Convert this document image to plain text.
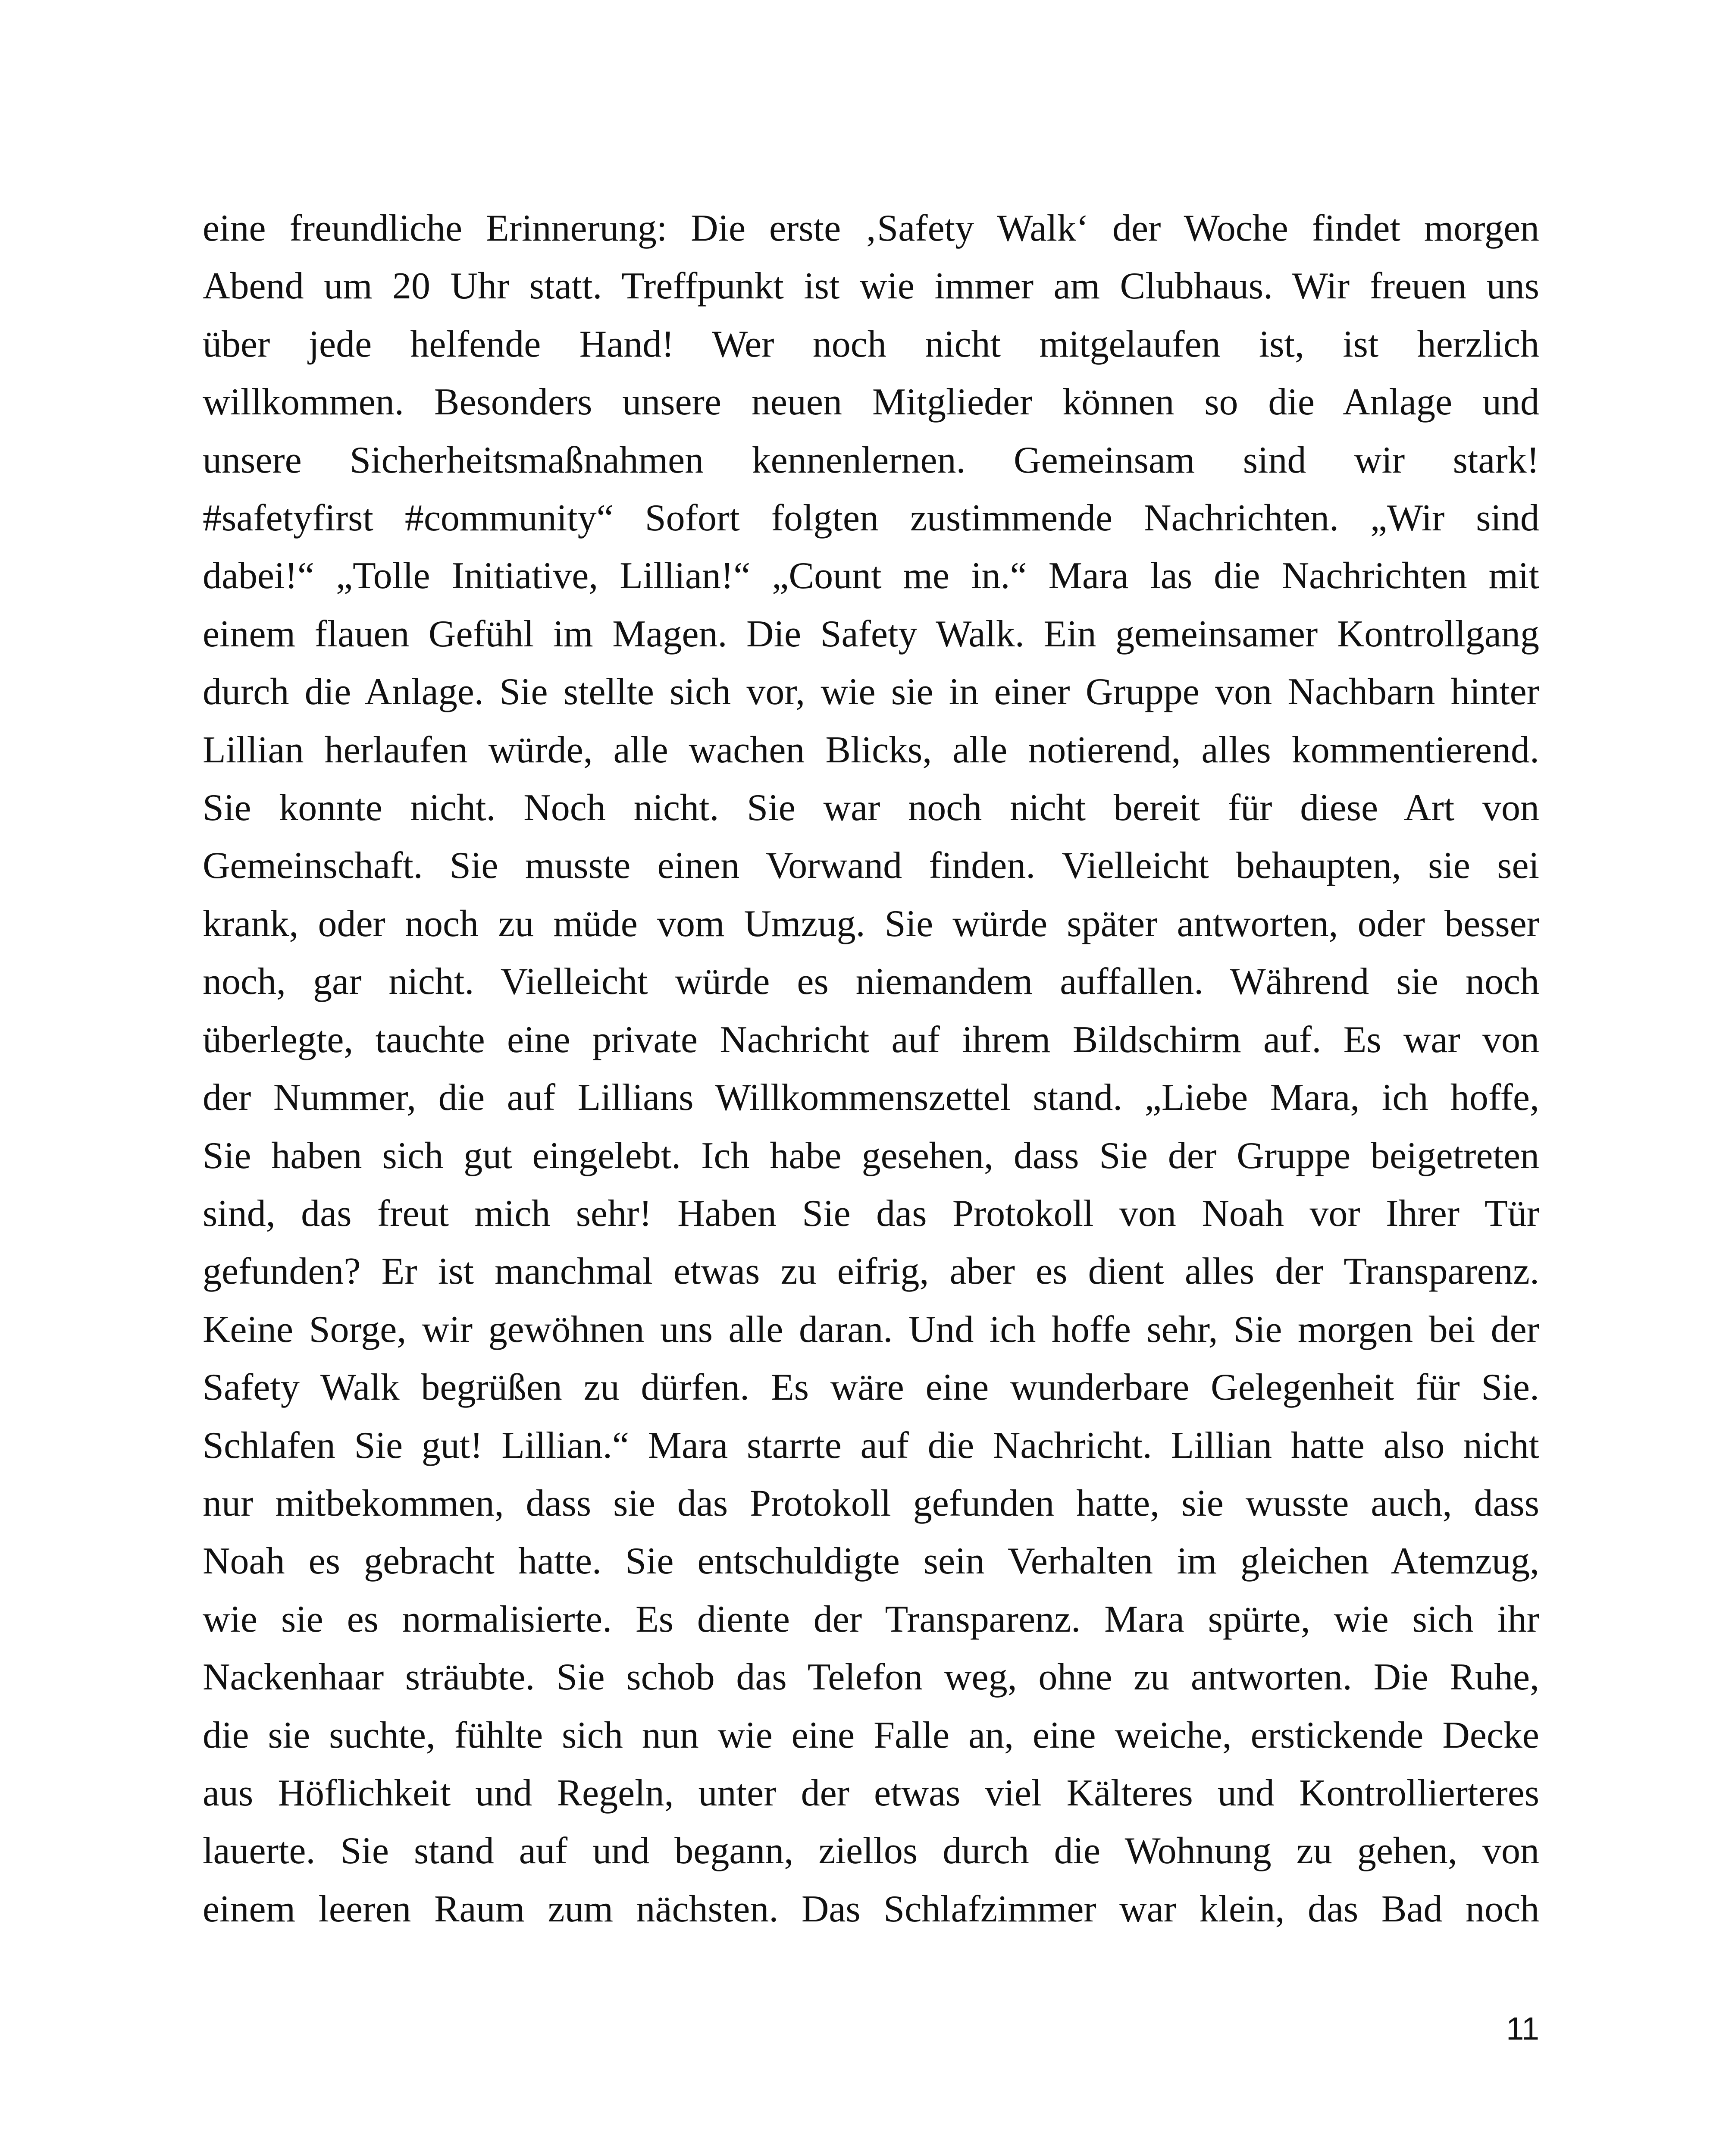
eine freundliche Erinnerung: Die erste ‚Safety Walk‘ der Woche findet morgen
Abend um 20 Uhr statt. Treffpunkt ist wie immer am Clubhaus. Wir freuen uns
über jede helfende Hand! Wer noch nicht mitgelaufen ist, ist herzlich
willkommen. Besonders unsere neuen Mitglieder können so die Anlage und
unsere Sicherheitsmaßnahmen kennenlernen. Gemeinsam sind wir stark!
#safetyfirst #community“ Sofort folgten zustimmende Nachrichten. „Wir sind
dabei!“ „Tolle Initiative, Lillian!“ „Count me in.“ Mara las die Nachrichten mit
einem flauen Gefühl im Magen. Die Safety Walk. Ein gemeinsamer Kontrollgang
durch die Anlage. Sie stellte sich vor, wie sie in einer Gruppe von Nachbarn hinter
Lillian herlaufen würde, alle wachen Blicks, alle notierend, alles kommentierend.
Sie konnte nicht. Noch nicht. Sie war noch nicht bereit für diese Art von
Gemeinschaft. Sie musste einen Vorwand finden. Vielleicht behaupten, sie sei
krank, oder noch zu müde vom Umzug. Sie würde später antworten, oder besser
noch, gar nicht. Vielleicht würde es niemandem auffallen. Während sie noch
überlegte, tauchte eine private Nachricht auf ihrem Bildschirm auf. Es war von
der Nummer, die auf Lillians Willkommenszettel stand. „Liebe Mara, ich hoffe,
Sie haben sich gut eingelebt. Ich habe gesehen, dass Sie der Gruppe beigetreten
sind, das freut mich sehr! Haben Sie das Protokoll von Noah vor Ihrer Tür
gefunden? Er ist manchmal etwas zu eifrig, aber es dient alles der Transparenz.
Keine Sorge, wir gewöhnen uns alle daran. Und ich hoffe sehr, Sie morgen bei der
Safety Walk begrüßen zu dürfen. Es wäre eine wunderbare Gelegenheit für Sie.
Schlafen Sie gut! Lillian.“ Mara starrte auf die Nachricht. Lillian hatte also nicht
nur mitbekommen, dass sie das Protokoll gefunden hatte, sie wusste auch, dass
Noah es gebracht hatte. Sie entschuldigte sein Verhalten im gleichen Atemzug,
wie sie es normalisierte. Es diente der Transparenz. Mara spürte, wie sich ihr
Nackenhaar sträubte. Sie schob das Telefon weg, ohne zu antworten. Die Ruhe,
die sie suchte, fühlte sich nun wie eine Falle an, eine weiche, erstickende Decke
aus Höflichkeit und Regeln, unter der etwas viel Kälteres und Kontrollierteres
lauerte. Sie stand auf und begann, ziellos durch die Wohnung zu gehen, von
einem leeren Raum zum nächsten. Das Schlafzimmer war klein, das Bad noch
11
